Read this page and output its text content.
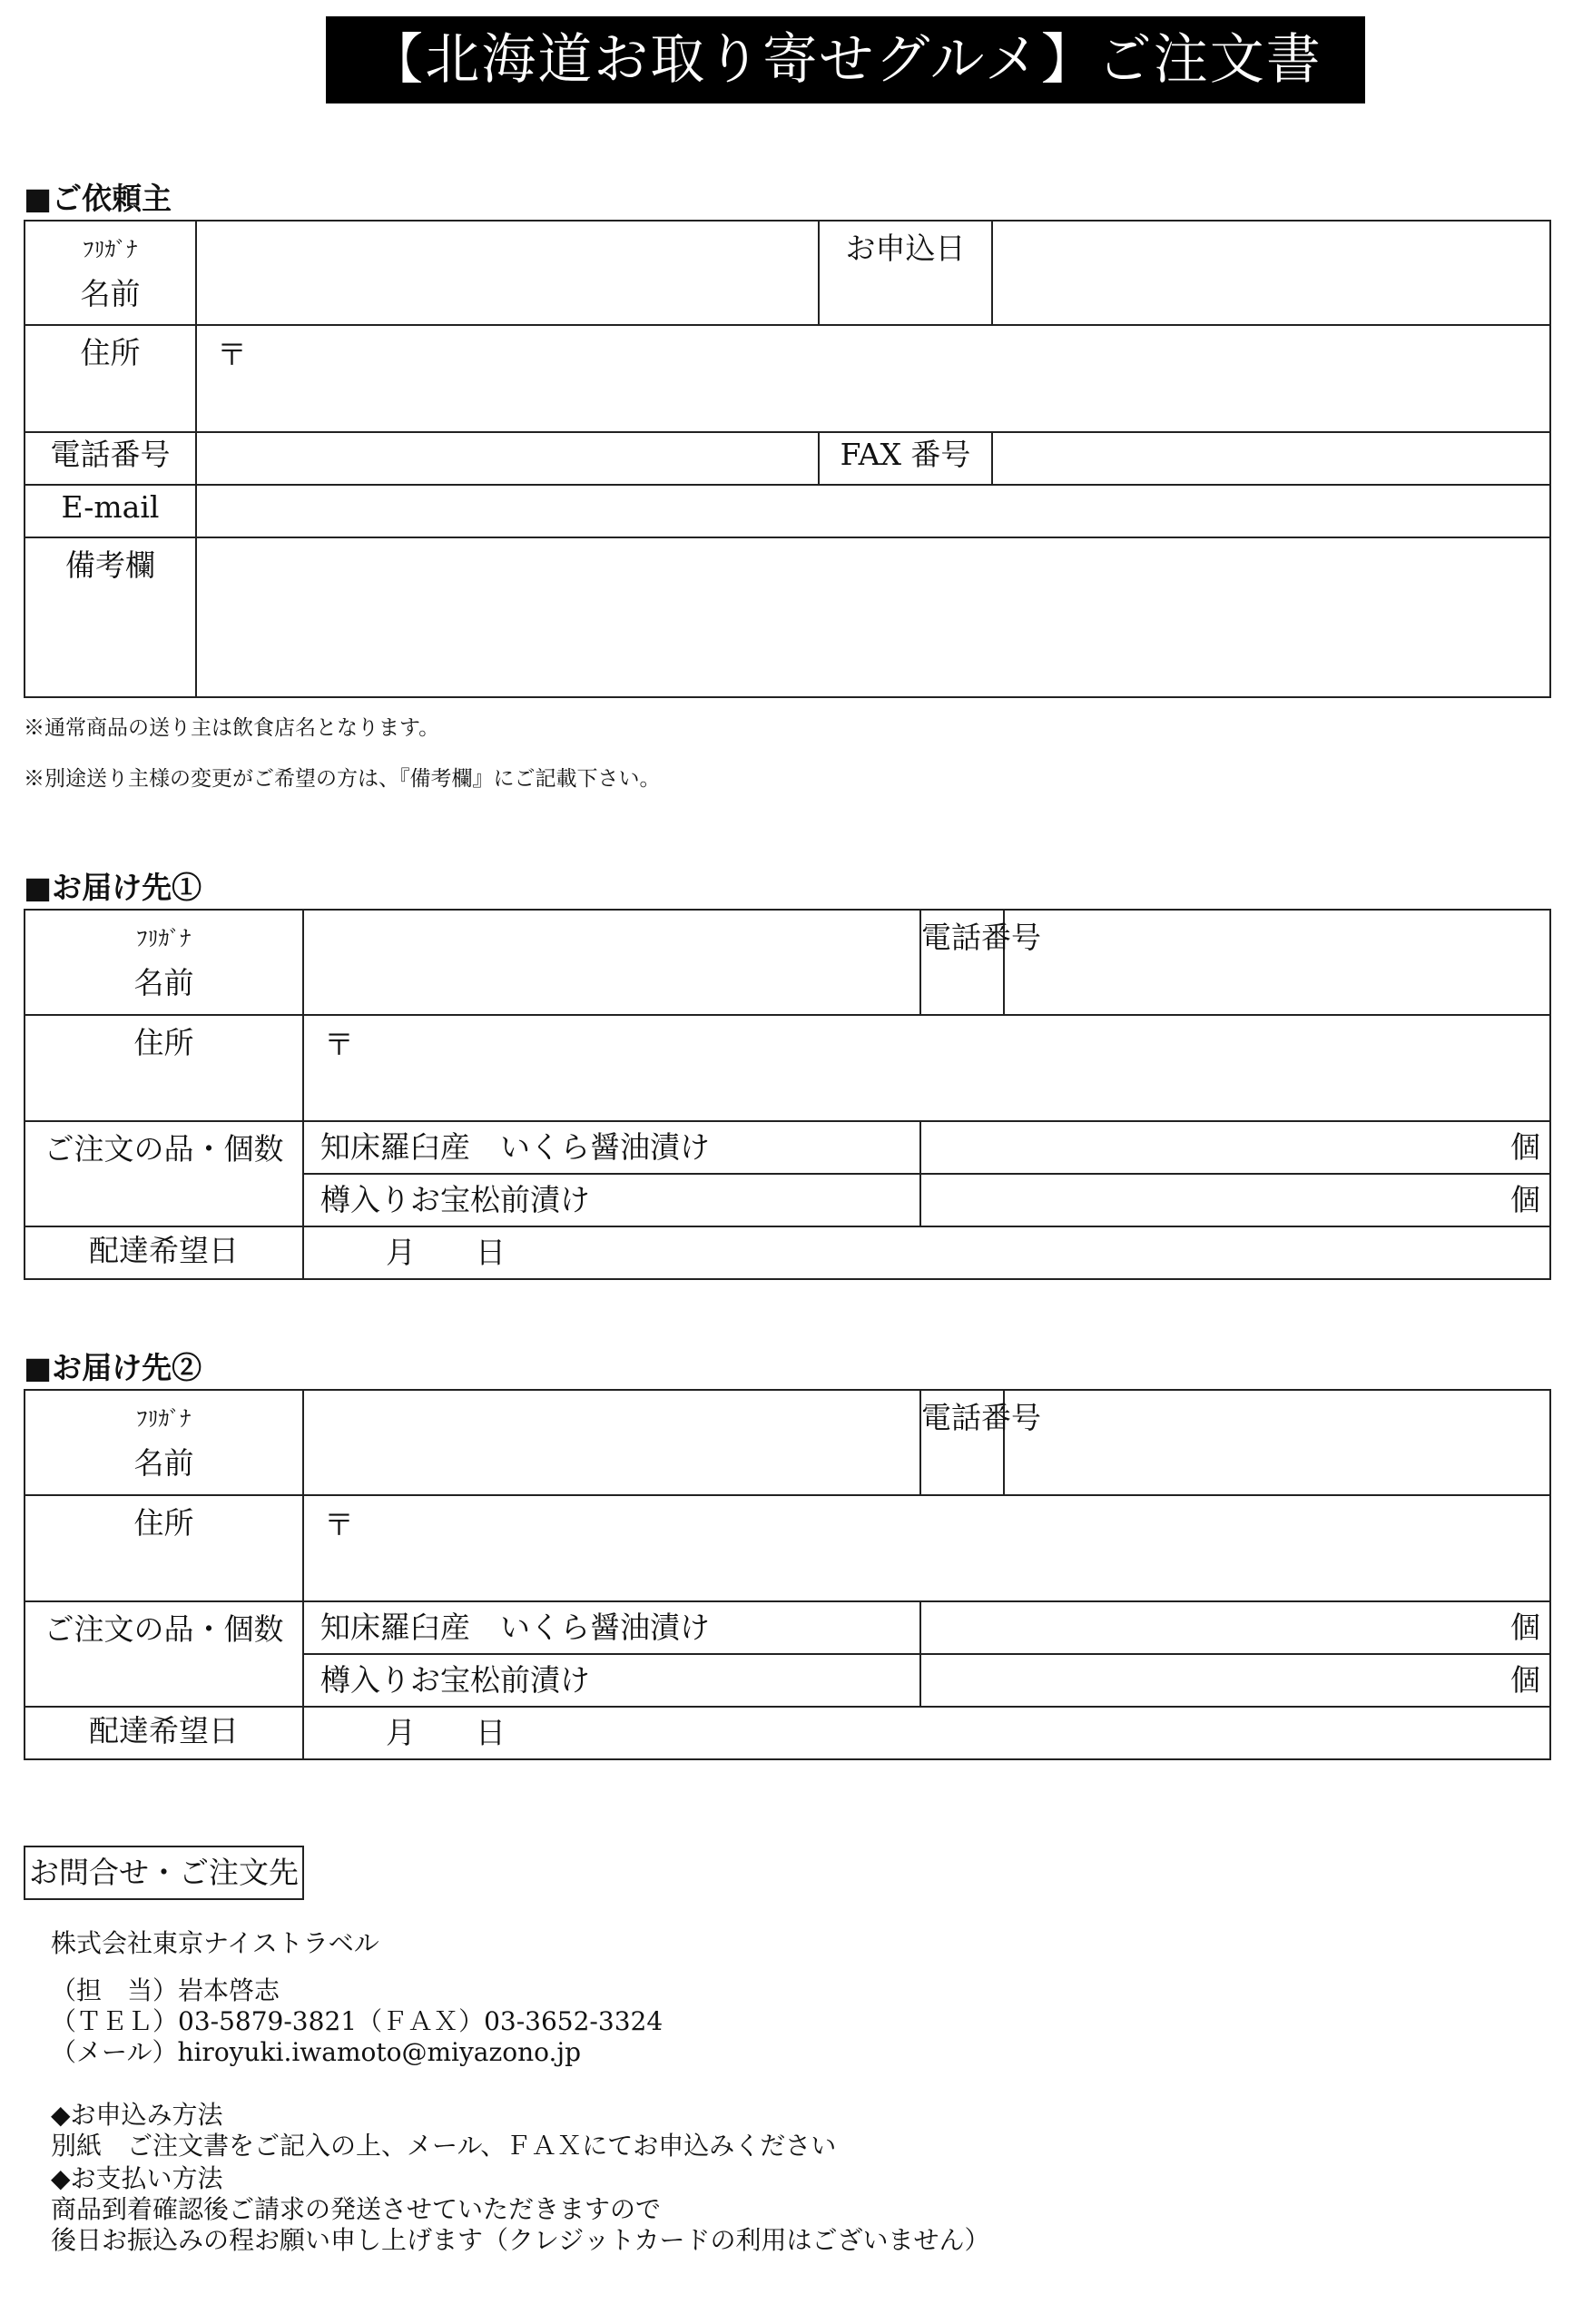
【北海道お取り寄せグルメ】ご注文書
■ご依頼主
ﾌﾘｶﾞﾅ
名前		お申込日	
住所	〒		
電話番号		FAX 番号	
E-mail			
備考欄			
※通常商品の送り主は飲食店名となります。
※別途送り主様の変更がご希望の方は、『備考欄』にご記載下さい。
■お届け先①
ﾌﾘｶﾞﾅ
名前		電話番号	
住所	〒		
ご注文の品・個数	知床羅臼産　いくら醤油漬け	個	
	樽入りお宝松前漬け	個	
配達希望日	月　　日		
■お届け先②
ﾌﾘｶﾞﾅ
名前		電話番号	
住所	〒		
ご注文の品・個数	知床羅臼産　いくら醤油漬け	個	
	樽入りお宝松前漬け	個	
配達希望日	月　　日		
お問合せ・ご注文先
株式会社東京ナイストラベル
（担　当）岩本啓志
（ＴＥＬ）03-5879-3821（ＦＡＸ）03-3652-3324
（メール）hiroyuki.iwamoto@miyazono.jp
◆お申込み方法
別紙　ご注文書をご記入の上、メール、ＦＡＸにてお申込みください
◆お支払い方法
商品到着確認後ご請求の発送させていただきますので
後日お振込みの程お願い申し上げます（クレジットカードの利用はございません）
